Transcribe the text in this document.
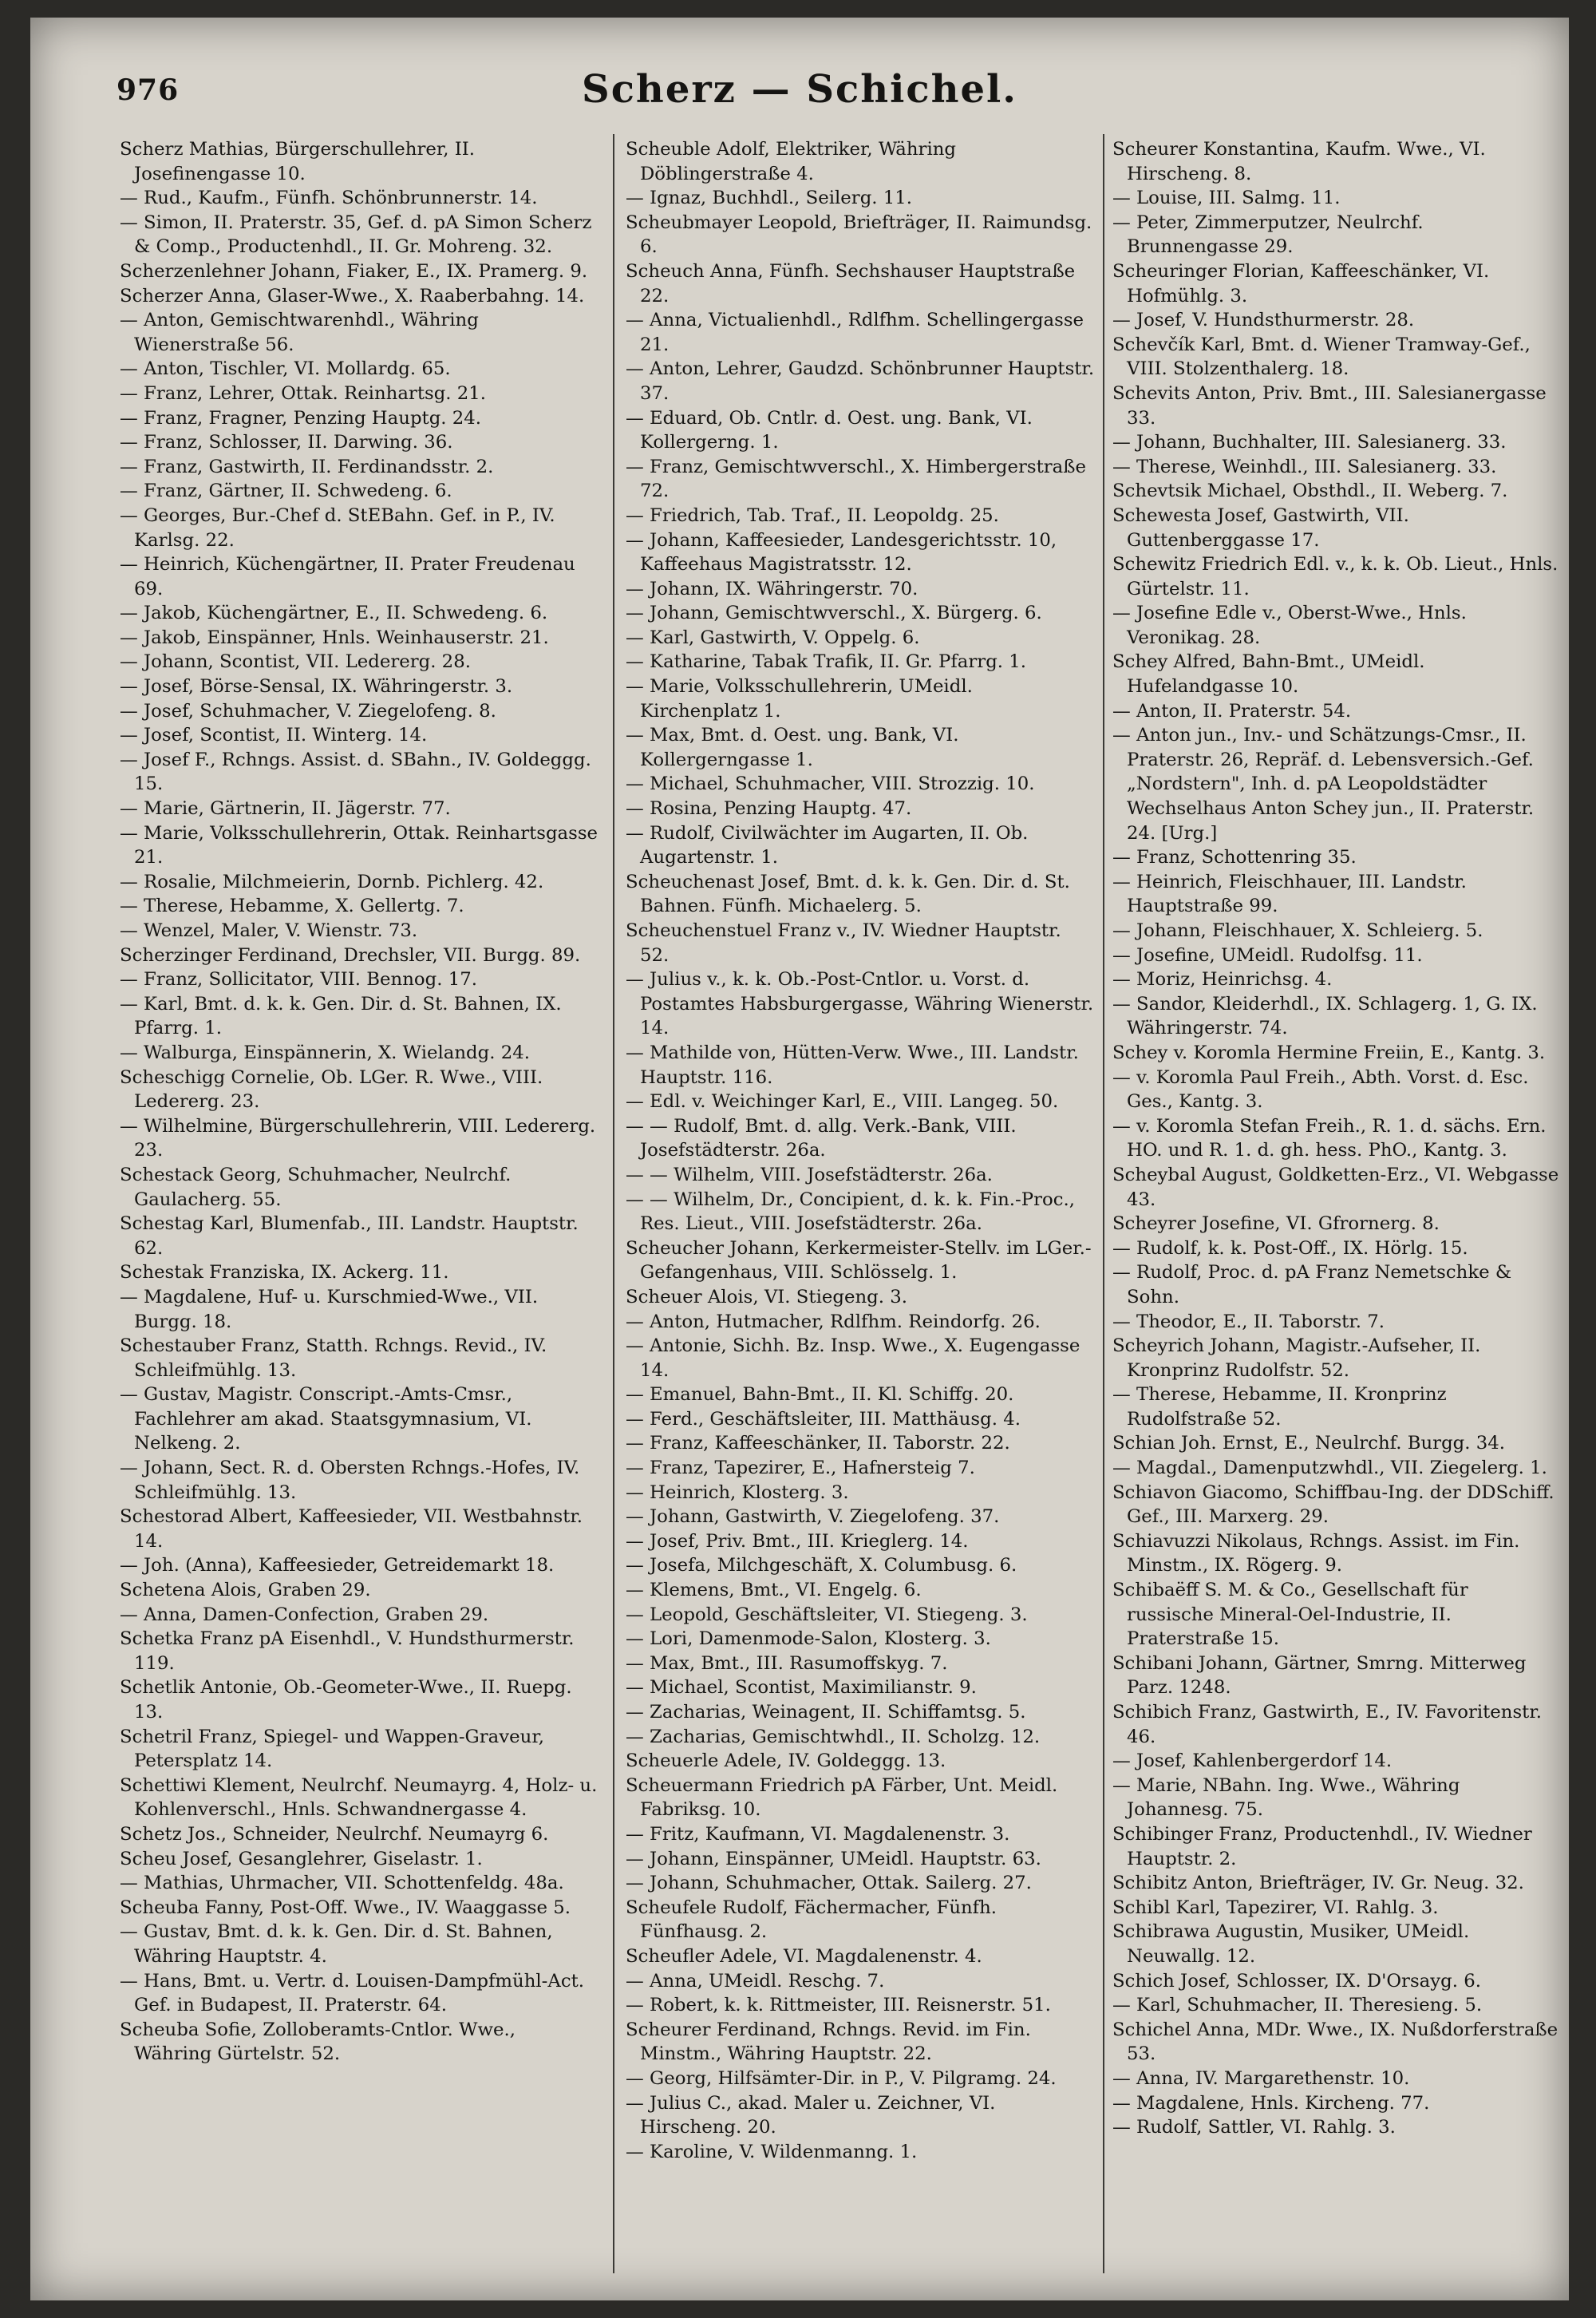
976	Scherz — Schichel.

Scherz Mathias, Bürgerschullehrer, II. Josefinengasse 10.

— Rud., Kaufm., Fünfh. Schönbrunnerstr. 14.

— Simon, II. Praterstr. 35, Gef. d. pA Simon Scherz & Comp., Productenhdl., II. Gr. Mohreng. 32.

Scherzenlehner Johann, Fiaker, E., IX. Pramerg. 9.

Scherzer Anna, Glaser-Wwe., X. Raaberbahng. 14.

— Anton, Gemischtwarenhdl., Währing Wienerstraße 56.

— Anton, Tischler, VI. Mollardg. 65.

— Franz, Lehrer, Ottak. Reinhartsg. 21.

— Franz, Fragner, Penzing Hauptg. 24.

— Franz, Schlosser, II. Darwing. 36.

— Franz, Gastwirth, II. Ferdinandsstr. 2.

— Franz, Gärtner, II. Schwedeng. 6.

— Georges, Bur.-Chef d. StEBahn. Gef. in P., IV. Karlsg. 22.

— Heinrich, Küchengärtner, II. Prater Freudenau 69.

— Jakob, Küchengärtner, E., II. Schwedeng. 6.

— Jakob, Einspänner, Hnls. Weinhauserstr. 21.

— Johann, Scontist, VII. Ledererg. 28.

— Josef, Börse-Sensal, IX. Währingerstr. 3.

— Josef, Schuhmacher, V. Ziegelofeng. 8.

— Josef, Scontist, II. Winterg. 14.

— Josef F., Rchngs. Assist. d. SBahn., IV. Goldeggg. 15.

— Marie, Gärtnerin, II. Jägerstr. 77.

— Marie, Volksschullehrerin, Ottak. Reinhartsgasse 21.

— Rosalie, Milchmeierin, Dornb. Pichlerg. 42.

— Therese, Hebamme, X. Gellertg. 7.

— Wenzel, Maler, V. Wienstr. 73.

Scherzinger Ferdinand, Drechsler, VII. Burgg. 89.

— Franz, Sollicitator, VIII. Bennog. 17.

— Karl, Bmt. d. k. k. Gen. Dir. d. St. Bahnen, IX. Pfarrg. 1.

— Walburga, Einspännerin, X. Wielandg. 24.

Scheschigg Cornelie, Ob. LGer. R. Wwe., VIII. Ledererg. 23.

— Wilhelmine, Bürgerschullehrerin, VIII. Ledererg. 23.

Schestack Georg, Schuhmacher, Neulrchf. Gaulacherg. 55.

Schestag Karl, Blumenfab., III. Landstr. Hauptstr. 62.

Schestak Franziska, IX. Ackerg. 11.

— Magdalene, Huf- u. Kurschmied-Wwe., VII. Burgg. 18.

Schestauber Franz, Statth. Rchngs. Revid., IV. Schleifmühlg. 13.

— Gustav, Magistr. Conscript.-Amts-Cmsr., Fachlehrer am akad. Staatsgymnasium, VI. Nelkeng. 2.

— Johann, Sect. R. d. Obersten Rchngs.-Hofes, IV. Schleifmühlg. 13.

Schestorad Albert, Kaffeesieder, VII. Westbahnstr. 14.

— Joh. (Anna), Kaffeesieder, Getreidemarkt 18.

Schetena Alois, Graben 29.

— Anna, Damen-Confection, Graben 29.

Schetka Franz pA Eisenhdl., V. Hundsthurmerstr. 119.

Schetlik Antonie, Ob.-Geometer-Wwe., II. Ruepg. 13.

Schetril Franz, Spiegel- und Wappen-Graveur, Petersplatz 14.

Schettiwi Klement, Neulrchf. Neumayrg. 4, Holz- u. Kohlenverschl., Hnls. Schwandnergasse 4.

Schetz Jos., Schneider, Neulrchf. Neumayrg 6.

Scheu Josef, Gesanglehrer, Giselastr. 1.

— Mathias, Uhrmacher, VII. Schottenfeldg. 48a.

Scheuba Fanny, Post-Off. Wwe., IV. Waaggasse 5.

— Gustav, Bmt. d. k. k. Gen. Dir. d. St. Bahnen, Währing Hauptstr. 4.

— Hans, Bmt. u. Vertr. d. Louisen-Dampfmühl-Act. Gef. in Budapest, II. Praterstr. 64.

Scheuba Sofie, Zolloberamts-Cntlor. Wwe., Währing Gürtelstr. 52.

Scheuble Adolf, Elektriker, Währing Döblingerstraße 4.

— Ignaz, Buchhdl., Seilerg. 11.

Scheubmayer Leopold, Briefträger, II. Raimundsg. 6.

Scheuch Anna, Fünfh. Sechshauser Hauptstraße 22.

— Anna, Victualienhdl., Rdlfhm. Schellingergasse 21.

— Anton, Lehrer, Gaudzd. Schönbrunner Hauptstr. 37.

— Eduard, Ob. Cntlr. d. Oest. ung. Bank, VI. Kollergerng. 1.

— Franz, Gemischtwverschl., X. Himbergerstraße 72.

— Friedrich, Tab. Traf., II. Leopoldg. 25.

— Johann, Kaffeesieder, Landesgerichtsstr. 10, Kaffeehaus Magistratsstr. 12.

— Johann, IX. Währingerstr. 70.

— Johann, Gemischtwverschl., X. Bürgerg. 6.

— Karl, Gastwirth, V. Oppelg. 6.

— Katharine, Tabak Trafik, II. Gr. Pfarrg. 1.

— Marie, Volksschullehrerin, UMeidl. Kirchenplatz 1.

— Max, Bmt. d. Oest. ung. Bank, VI. Kollergerngasse 1.

— Michael, Schuhmacher, VIII. Strozzig. 10.

— Rosina, Penzing Hauptg. 47.

— Rudolf, Civilwächter im Augarten, II. Ob. Augartenstr. 1.

Scheuchenast Josef, Bmt. d. k. k. Gen. Dir. d. St. Bahnen. Fünfh. Michaelerg. 5.

Scheuchenstuel Franz v., IV. Wiedner Hauptstr. 52.

— Julius v., k. k. Ob.-Post-Cntlor. u. Vorst. d. Postamtes Habsburgergasse, Währing Wienerstr. 14.

— Mathilde von, Hütten-Verw. Wwe., III. Landstr. Hauptstr. 116.

— Edl. v. Weichinger Karl, E., VIII. Langeg. 50.

— — Rudolf, Bmt. d. allg. Verk.-Bank, VIII. Josefstädterstr. 26a.

— — Wilhelm, VIII. Josefstädterstr. 26a.

— — Wilhelm, Dr., Concipient, d. k. k. Fin.-Proc., Res. Lieut., VIII. Josefstädterstr. 26a.

Scheucher Johann, Kerkermeister-Stellv. im LGer.-Gefangenhaus, VIII. Schlösselg. 1.

Scheuer Alois, VI. Stiegeng. 3.

— Anton, Hutmacher, Rdlfhm. Reindorfg. 26.

— Antonie, Sichh. Bz. Insp. Wwe., X. Eugengasse 14.

— Emanuel, Bahn-Bmt., II. Kl. Schiffg. 20.

— Ferd., Geschäftsleiter, III. Matthäusg. 4.

— Franz, Kaffeeschänker, II. Taborstr. 22.

— Franz, Tapezirer, E., Hafnersteig 7.

— Heinrich, Klosterg. 3.

— Johann, Gastwirth, V. Ziegelofeng. 37.

— Josef, Priv. Bmt., III. Krieglerg. 14.

— Josefa, Milchgeschäft, X. Columbusg. 6.

— Klemens, Bmt., VI. Engelg. 6.

— Leopold, Geschäftsleiter, VI. Stiegeng. 3.

— Lori, Damenmode-Salon, Klosterg. 3.

— Max, Bmt., III. Rasumoffskyg. 7.

— Michael, Scontist, Maximilianstr. 9.

— Zacharias, Weinagent, II. Schiffamtsg. 5.

— Zacharias, Gemischtwhdl., II. Scholzg. 12.

Scheuerle Adele, IV. Goldeggg. 13.

Scheuermann Friedrich pA Färber, Unt. Meidl. Fabriksg. 10.

— Fritz, Kaufmann, VI. Magdalenenstr. 3.

— Johann, Einspänner, UMeidl. Hauptstr. 63.

— Johann, Schuhmacher, Ottak. Sailerg. 27.

Scheufele Rudolf, Fächermacher, Fünfh. Fünfhausg. 2.

Scheufler Adele, VI. Magdalenenstr. 4.

— Anna, UMeidl. Reschg. 7.

— Robert, k. k. Rittmeister, III. Reisnerstr. 51.

Scheurer Ferdinand, Rchngs. Revid. im Fin. Minstm., Währing Hauptstr. 22.

— Georg, Hilfsämter-Dir. in P., V. Pilgramg. 24.

— Julius C., akad. Maler u. Zeichner, VI. Hirscheng. 20.

— Karoline, V. Wildenmanng. 1.

Scheurer Konstantina, Kaufm. Wwe., VI. Hirscheng. 8.

— Louise, III. Salmg. 11.

— Peter, Zimmerputzer, Neulrchf. Brunnengasse 29.

Scheuringer Florian, Kaffeeschänker, VI. Hofmühlg. 3.

— Josef, V. Hundsthurmerstr. 28.

Schevčík Karl, Bmt. d. Wiener Tramway-Gef., VIII. Stolzenthalerg. 18.

Schevits Anton, Priv. Bmt., III. Salesianergasse 33.

— Johann, Buchhalter, III. Salesianerg. 33.

— Therese, Weinhdl., III. Salesianerg. 33.

Schevtsik Michael, Obsthdl., II. Weberg. 7.

Schewesta Josef, Gastwirth, VII. Guttenberggasse 17.

Schewitz Friedrich Edl. v., k. k. Ob. Lieut., Hnls. Gürtelstr. 11.

— Josefine Edle v., Oberst-Wwe., Hnls. Veronikag. 28.

Schey Alfred, Bahn-Bmt., UMeidl. Hufelandgasse 10.

— Anton, II. Praterstr. 54.

— Anton jun., Inv.- und Schätzungs-Cmsr., II. Praterstr. 26, Repräf. d. Lebensversich.-Gef. „Nordstern", Inh. d. pA Leopoldstädter Wechselhaus Anton Schey jun., II. Praterstr. 24. [Urg.]

— Franz, Schottenring 35.

— Heinrich, Fleischhauer, III. Landstr. Hauptstraße 99.

— Johann, Fleischhauer, X. Schleierg. 5.

— Josefine, UMeidl. Rudolfsg. 11.

— Moriz, Heinrichsg. 4.

— Sandor, Kleiderhdl., IX. Schlagerg. 1, G. IX. Währingerstr. 74.

Schey v. Koromla Hermine Freiin, E., Kantg. 3.

— v. Koromla Paul Freih., Abth. Vorst. d. Esc. Ges., Kantg. 3.

— v. Koromla Stefan Freih., R. 1. d. sächs. Ern. HO. und R. 1. d. gh. hess. PhO., Kantg. 3.

Scheybal August, Goldketten-Erz., VI. Webgasse 43.

Scheyrer Josefine, VI. Gfrornerg. 8.

— Rudolf, k. k. Post-Off., IX. Hörlg. 15.

— Rudolf, Proc. d. pA Franz Nemetschke & Sohn.

— Theodor, E., II. Taborstr. 7.

Scheyrich Johann, Magistr.-Aufseher, II. Kronprinz Rudolfstr. 52.

— Therese, Hebamme, II. Kronprinz Rudolfstraße 52.

Schian Joh. Ernst, E., Neulrchf. Burgg. 34.

— Magdal., Damenputzwhdl., VII. Ziegelerg. 1.

Schiavon Giacomo, Schiffbau-Ing. der DDSchiff. Gef., III. Marxerg. 29.

Schiavuzzi Nikolaus, Rchngs. Assist. im Fin. Minstm., IX. Rögerg. 9.

Schibaëff S. M. & Co., Gesellschaft für russische Mineral-Oel-Industrie, II. Praterstraße 15.

Schibani Johann, Gärtner, Smrng. Mitterweg Parz. 1248.

Schibich Franz, Gastwirth, E., IV. Favoritenstr. 46.

— Josef, Kahlenbergerdorf 14.

— Marie, NBahn. Ing. Wwe., Währing Johannesg. 75.

Schibinger Franz, Productenhdl., IV. Wiedner Hauptstr. 2.

Schibitz Anton, Briefträger, IV. Gr. Neug. 32.

Schibl Karl, Tapezirer, VI. Rahlg. 3.

Schibrawa Augustin, Musiker, UMeidl. Neuwallg. 12.

Schich Josef, Schlosser, IX. D'Orsayg. 6.

— Karl, Schuhmacher, II. Theresieng. 5.

Schichel Anna, MDr. Wwe., IX. Nußdorferstraße 53.

— Anna, IV. Margarethenstr. 10.

— Magdalene, Hnls. Kircheng. 77.

— Rudolf, Sattler, VI. Rahlg. 3.
